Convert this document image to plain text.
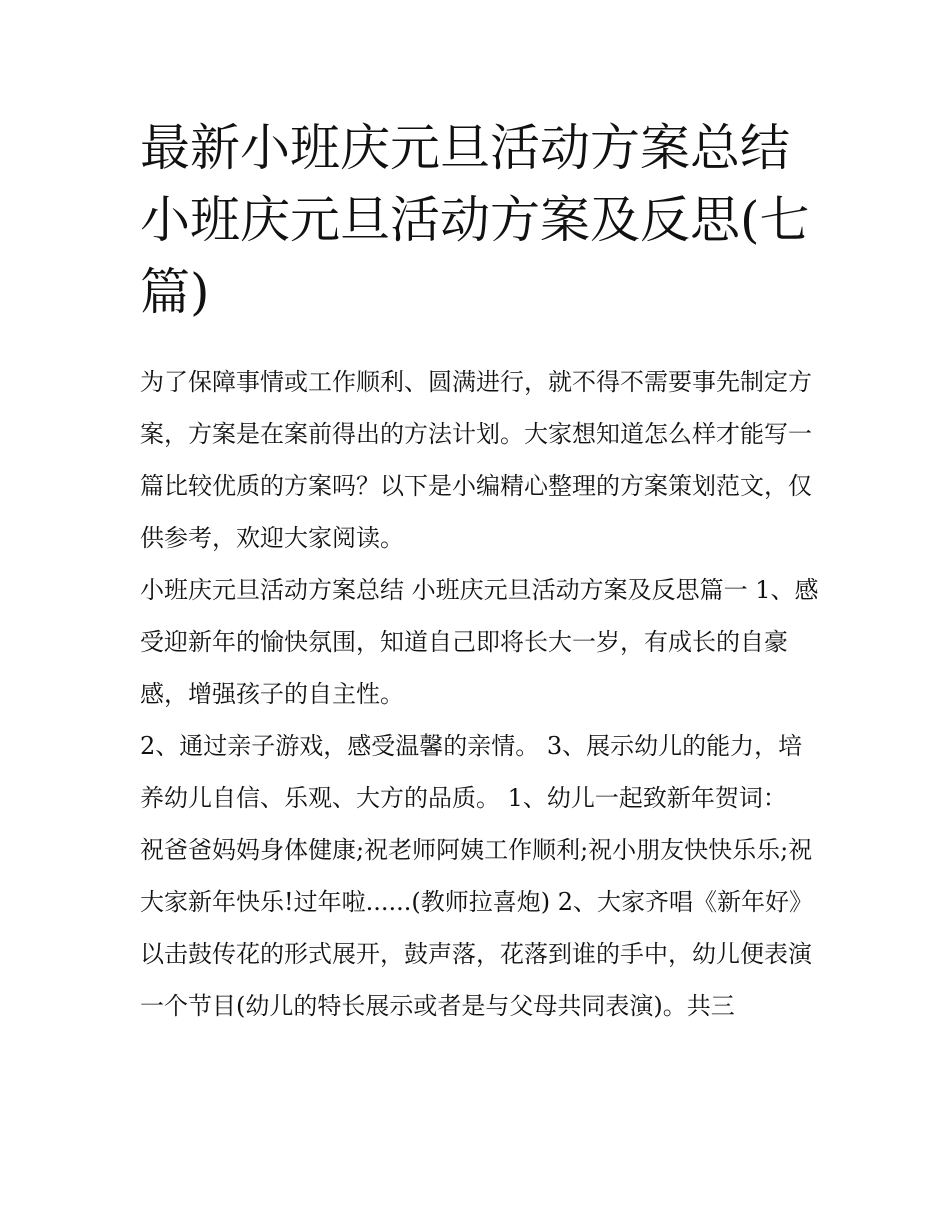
最新小班庆元旦活动方案总结 小班庆元旦活动方案及反思(七篇)

为了保障事情或工作顺利、圆满进行，就不得不需要事先制定方案，方案是在案前得出的方法计划。大家想知道怎么样才能写一篇比较优质的方案吗？以下是小编精心整理的方案策划范文，仅供参考，欢迎大家阅读。

小班庆元旦活动方案总结 小班庆元旦活动方案及反思篇一 1、感受迎新年的愉快氛围，知道自己即将长大一岁，有成长的自豪感，增强孩子的自主性。

2、通过亲子游戏，感受温馨的亲情。 3、展示幼儿的能力，培养幼儿自信、乐观、大方的品质。 1、幼儿一起致新年贺词：

祝爸爸妈妈身体健康;祝老师阿姨工作顺利;祝小朋友快快乐乐;祝大家新年快乐!过年啦......(教师拉喜炮) 2、大家齐唱《新年好》

以击鼓传花的形式展开，鼓声落，花落到谁的手中，幼儿便表演一个节目(幼儿的特长展示或者是与父母共同表演)。共三
